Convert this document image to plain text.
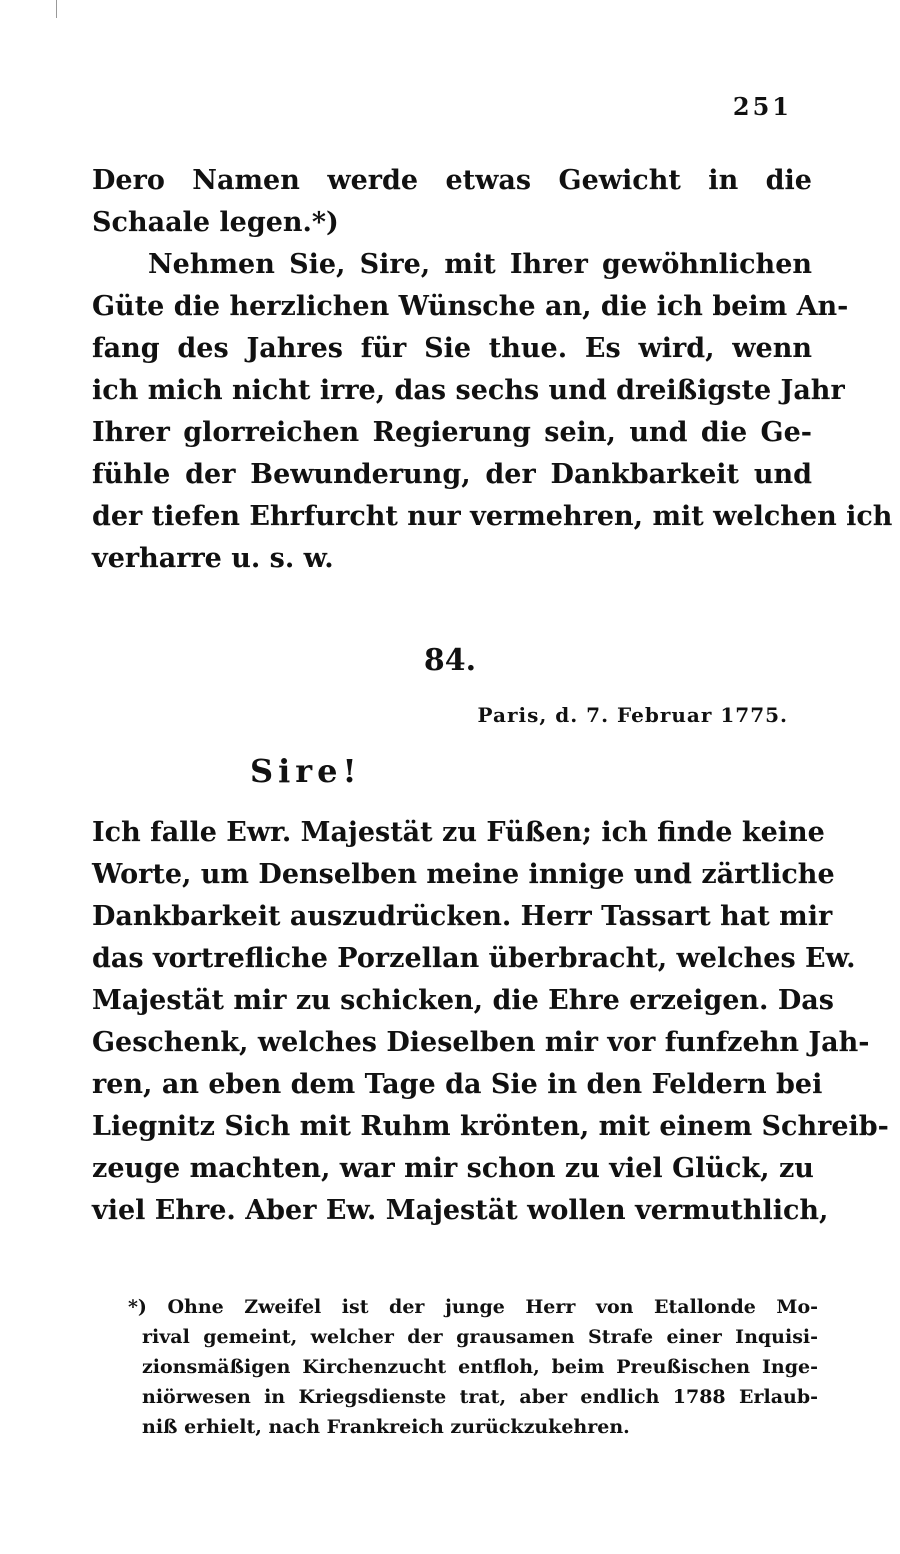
251
Dero Namen werde etwas Gewicht in die
Schaale legen.*)
Nehmen Sie, Sire, mit Ihrer gewöhnlichen
Güte die herzlichen Wünsche an, die ich beim An-
fang des Jahres für Sie thue. Es wird, wenn
ich mich nicht irre, das sechs und dreißigste Jahr
Ihrer glorreichen Regierung sein, und die Ge-
fühle der Bewunderung, der Dankbarkeit und
der tiefen Ehrfurcht nur vermehren, mit welchen ich
verharre u. s. w.
84.
Paris, d. 7. Februar 1775.
Sire!
Ich falle Ewr. Majestät zu Füßen; ich finde keine
Worte, um Denselben meine innige und zärtliche
Dankbarkeit auszudrücken. Herr Tassart hat mir
das vortrefliche Porzellan überbracht, welches Ew.
Majestät mir zu schicken, die Ehre erzeigen. Das
Geschenk, welches Dieselben mir vor funfzehn Jah-
ren, an eben dem Tage da Sie in den Feldern bei
Liegnitz Sich mit Ruhm krönten, mit einem Schreib-
zeuge machten, war mir schon zu viel Glück, zu
viel Ehre. Aber Ew. Majestät wollen vermuthlich,
*) Ohne Zweifel ist der junge Herr von Etallonde Mo-
rival gemeint, welcher der grausamen Strafe einer Inquisi-
zionsmäßigen Kirchenzucht entfloh, beim Preußischen Inge-
niörwesen in Kriegsdienste trat, aber endlich 1788 Erlaub-
niß erhielt, nach Frankreich zurückzukehren.
